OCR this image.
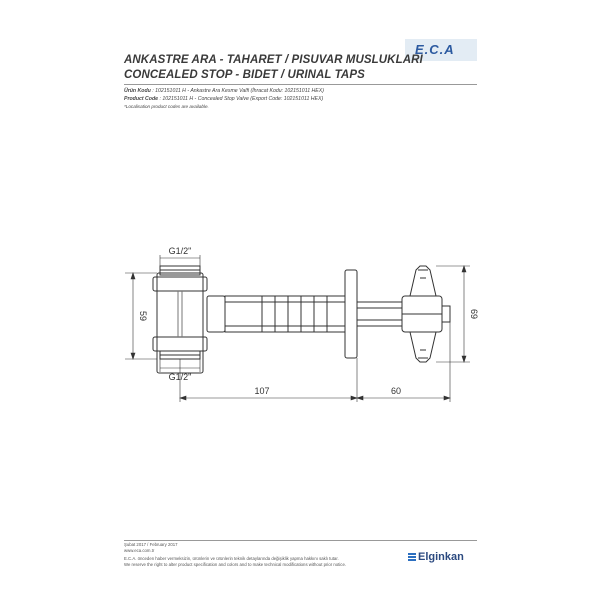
E.C.A
ANKASTRE ARA - TAHARET / PISUVAR MUSLUKLARI
CONCEALED STOP - BIDET / URINAL TAPS
Ürün Kodu : 102151011 H - Ankastre Ara Kesme Valfi (İhracat Kodu: 102151011 HEX)
Product Code : 102151011 H - Concealed Stop Valve (Export Code: 102151011 HEX)
*Localisation product codes are available.
G1/2"
G1/2"
59	69
107	60
Şubat 2017 / February 2017
www.eca.com.tr
E.C.A. önceden haber vermeksizin, ürünlerin ve ürünlerin teknik detaylarında değişiklik yapma hakkını saklı tutar.
We reserve the right to alter product specification and colors and to make technical modifications without prior notice.
Elginkan
